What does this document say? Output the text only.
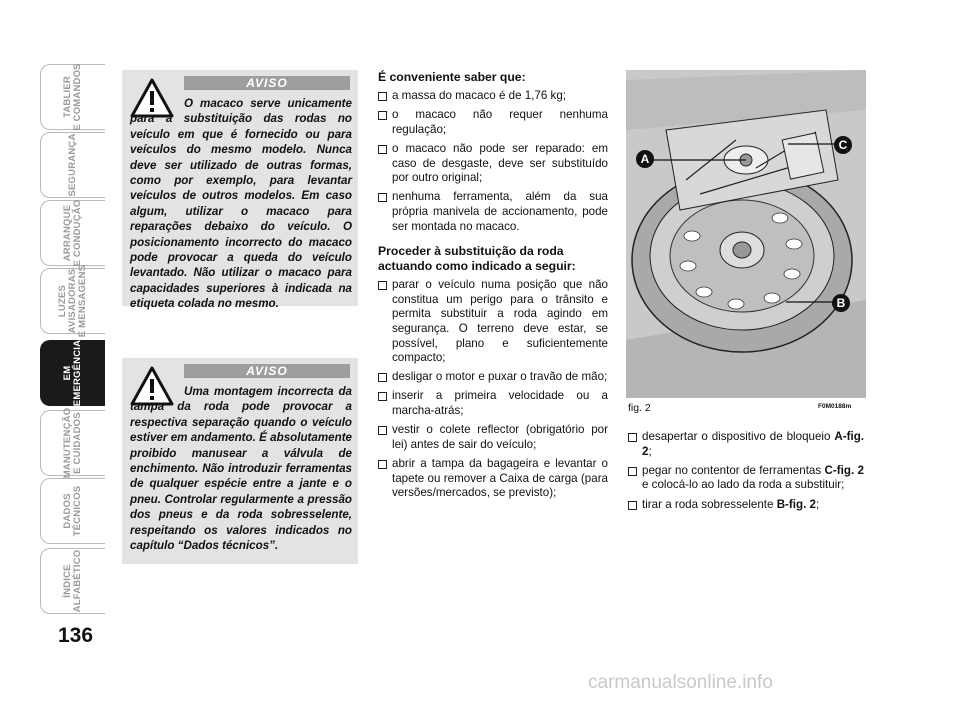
TABLIER
E COMANDOS
SEGURANÇA
ARRANQUE
E CONDUÇÃO
LUZES
AVISADORAS
E MENSAGENS
EM
EMERGÊNCIA
MANUTENÇÃO
E CUIDADOS
DADOS
TÉCNICOS
ÍNDICE
ALFABÉTICO
136
AVISO
O macaco serve unicamente para a substituição das rodas no veículo em que é fornecido ou para veículos do mesmo modelo. Nunca deve ser utilizado de outras formas, como por exemplo, para levantar veículos de outros modelos. Em caso algum, utilizar o macaco para reparações debaixo do veículo. O posicionamento incorrecto do macaco pode provocar a queda do veículo levantado. Não utilizar o macaco para capacidades superiores à indicada na etiqueta colada no mesmo.
AVISO
Uma montagem incorrecta da tampa da roda pode provocar a respectiva separação quando o veículo estiver em andamento. É absolutamente proibido manusear a válvula de enchimento. Não introduzir ferramentas de qualquer espécie entre a jante e o pneu. Controlar regularmente a pressão dos pneus e da roda sobresselente, respeitando os valores indicados no capítulo “Dados técnicos”.
É conveniente saber que:
a massa do macaco é de 1,76 kg;
o macaco não requer nenhuma regulação;
o macaco não pode ser reparado: em caso de desgaste, deve ser substituído por outro original;
nenhuma ferramenta, além da sua própria manivela de accionamento, pode ser montada no macaco.
Proceder à substituição da roda actuando como indicado a seguir:
parar o veículo numa posição que não constitua um perigo para o trânsito e permita substituir a roda agindo em segurança. O terreno deve estar, se possível, plano e suficientemente compacto;
desligar o motor e puxar o travão de mão;
inserir a primeira velocidade ou a marcha-atrás;
vestir o colete reflector (obrigatório por lei) antes de sair do veículo;
abrir a tampa da bagageira e levantar o tapete ou remover a Caixa de carga (para versões/mercados, se previsto);
A
B
C
fig. 2	F0M0188m
desapertar o dispositivo de bloqueio A-fig. 2;
pegar no contentor de ferramentas C-fig. 2 e colocá-lo ao lado da roda a substituir;
tirar a roda sobresselente B-fig. 2;
carmanualsonline.info
